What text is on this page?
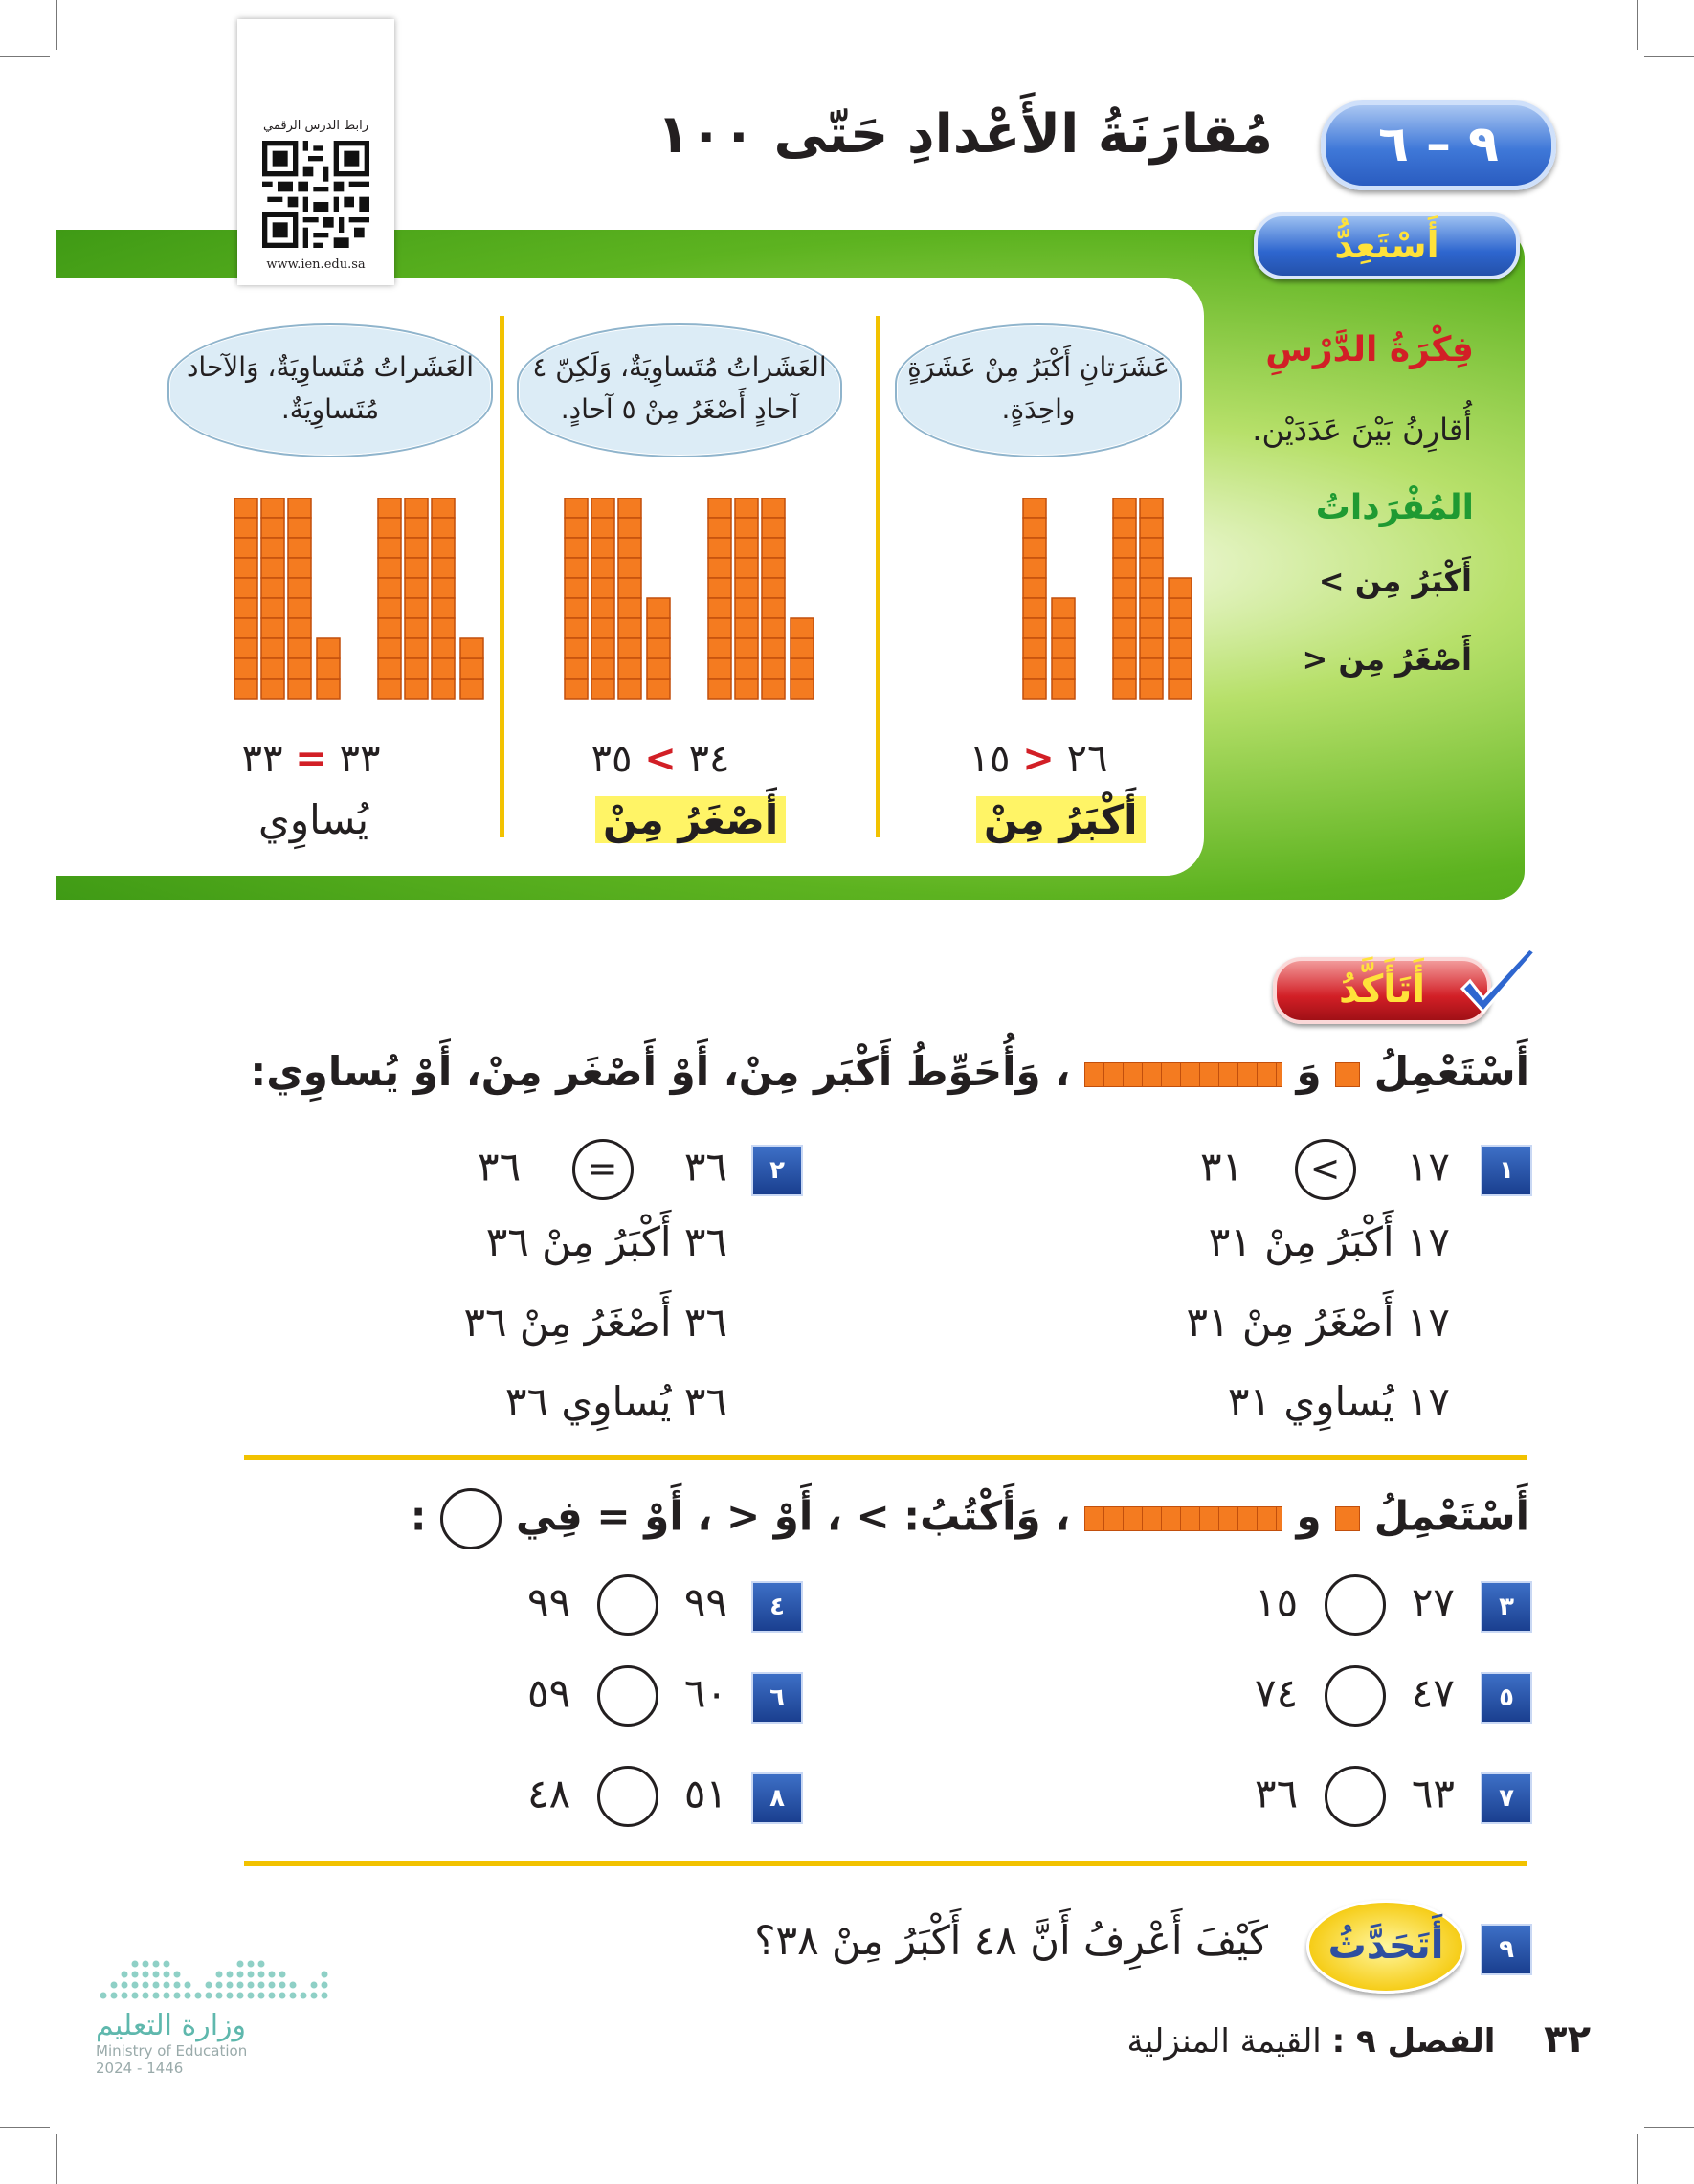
رابط الدرس الرقمي
www.ien.edu.sa
٩ – ٦
مُقارَنَةُ الأَعْدادِ حَتّى ١٠٠
أَسْتَعِدُّ
فِكْرَةُ الدَّرْسِ
أُقارِنُ بَيْنَ عَدَدَيْن.
المُفْرَداتُ
أَكْبَرُ مِن >
أَصْغَرُ مِن <
عَشَرَتانِ أَكْبَرُ مِنْ عَشَرَةٍ واحِدَةٍ.
العَشَراتُ مُتَساوِيَةٌ، وَلَكِنّ ٤ آحادٍ أَصْغَرُ مِنْ ٥ آحادٍ.
العَشَراتُ مُتَساوِيَةٌ، وَالآحاد مُتَساوِيَةٌ.
٢٦ < ١٥
٣٤ > ٣٥
٣٣ = ٣٣
أَكْبَرُ مِنْ
أَصْغَرُ مِنْ
يُساوِي
أَتَأَكَّدُ
أَسْتَعْمِلُ  وَ  ، وَأُحَوِّطُ أَكْبَر مِنْ، أَوْ أَصْغَر مِنْ، أَوْ يُساوِي:
١
١٧ > ٣١
١٧ أَكْبَرُ مِنْ ٣١
١٧ أَصْغَرُ مِنْ ٣١
١٧ يُساوِي ٣١
٢
٣٦ = ٣٦
٣٦ أَكْبَرُ مِنْ ٣٦
٣٦ أَصْغَرُ مِنْ ٣٦
٣٦ يُساوِي ٣٦
أَسْتَعْمِلُ  و  ، وَأَكْتُبُ: > ، أَوْ < ، أَوْ = فِي  :
٣
٢٧  ١٥
٤
٩٩  ٩٩
٥
٤٧  ٧٤
٦
٦٠  ٥٩
٧
٦٣  ٣٦
٨
٥١  ٤٨
٩
أَتَحَدَّثُ
كَيْفَ أَعْرِفُ أَنَّ ٤٨ أَكْبَرُ مِنْ ٣٨؟
وزارة التعليم
Ministry of Education
2024 - 1446
٣٢ الفصل ٩ : القيمة المنزلية
